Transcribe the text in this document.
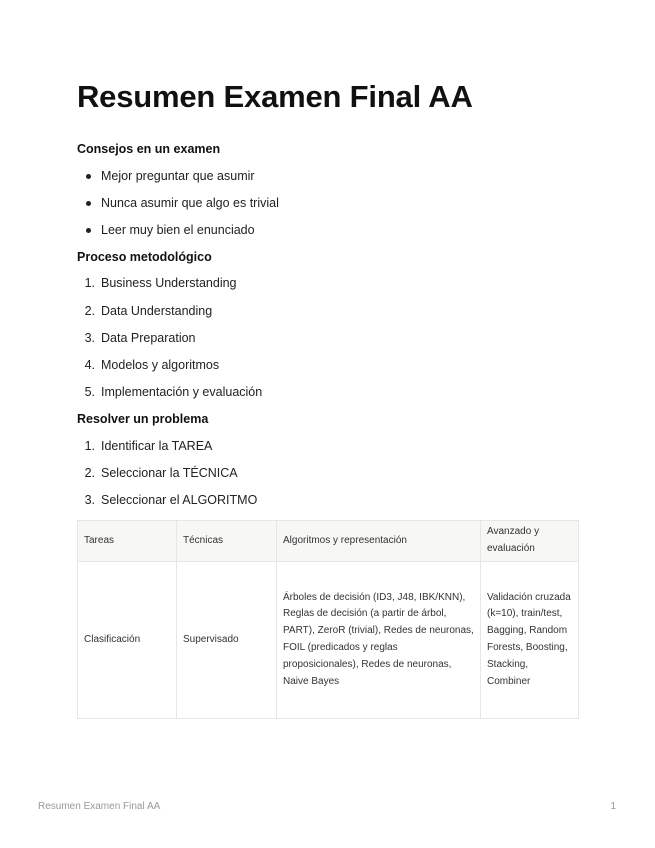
Resumen Examen Final AA
Consejos en un examen
Mejor preguntar que asumir
Nunca asumir que algo es trivial
Leer muy bien el enunciado
Proceso metodológico
1. Business Understanding
2. Data Understanding
3. Data Preparation
4. Modelos y algoritmos
5. Implementación y evaluación
Resolver un problema
1. Identificar la TAREA
2. Seleccionar la TÉCNICA
3. Seleccionar el ALGORITMO
Tareas	Técnicas	Algoritmos y representación	Avanzado y evaluación
Clasificación	Supervisado	Árboles de decisión (ID3, J48, IBK/KNN), Reglas de decisión (a partir de árbol, PART), ZeroR (trivial), Redes de neuronas, FOIL (predicados y reglas proposicionales), Redes de neuronas, Naive Bayes	Validación cruzada (k=10), train/test, Bagging, Random Forests, Boosting, Stacking, Combiner
Resumen Examen Final AA	1
